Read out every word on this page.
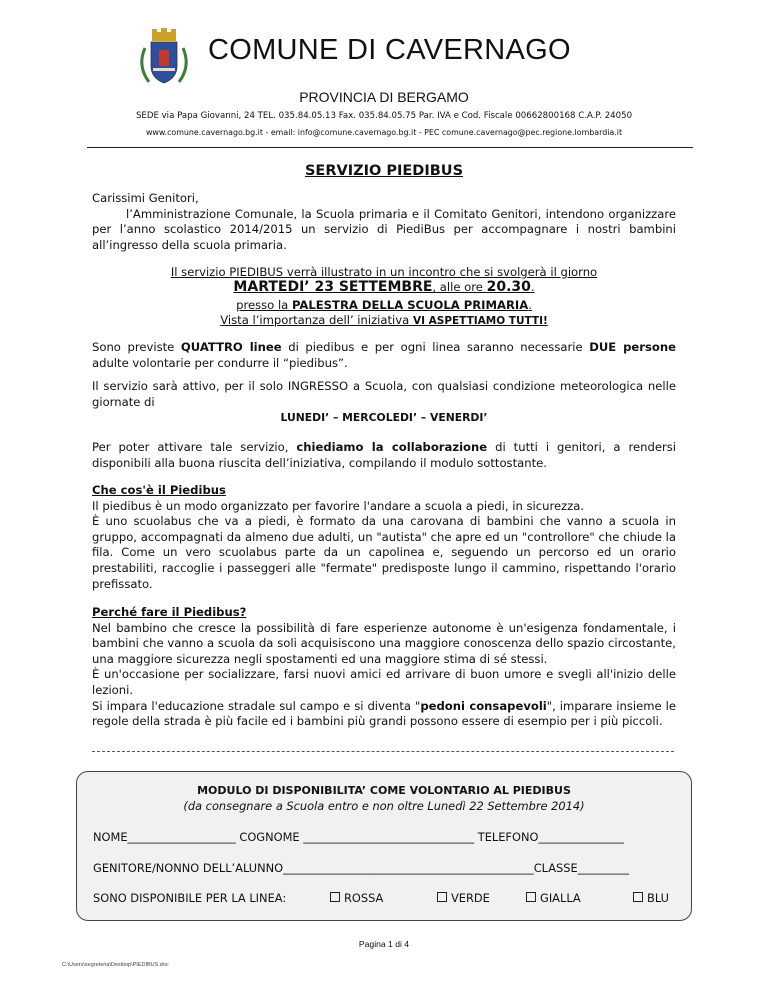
COMUNE DI CAVERNAGO
PROVINCIA DI BERGAMO
SEDE via Papa Giovanni, 24 TEL. 035.84.05.13 Fax. 035.84.05.75 Par. IVA e Cod. Fiscale 00662800168 C.A.P. 24050
www.comune.cavernago.bg.it - email: info@comune.cavernago.bg.it - PEC comune.cavernago@pec.regione.lombardia.it
SERVIZIO PIEDIBUS

Carissimi Genitori,

l’Amministrazione Comunale, la Scuola primaria e il Comitato Genitori, intendono organizzare per l’anno scolastico 2014/2015 un servizio di PiediBus per accompagnare i nostri bambini all’ingresso della scuola primaria.

Il servizio PIEDIBUS verrà illustrato in un incontro che si svolgerà il giorno
MARTEDI’ 23 SETTEMBRE, alle ore 20.30.
presso la PALESTRA DELLA SCUOLA PRIMARIA.
Vista l’importanza dell’ iniziativa VI ASPETTIAMO TUTTI!

Sono previste QUATTRO linee di piedibus e per ogni linea saranno necessarie DUE persone adulte volontarie per condurre il “piedibus”.

Il servizio sarà attivo, per il solo INGRESSO a Scuola, con qualsiasi condizione meteorologica nelle giornate di

LUNEDI’ – MERCOLEDI’ – VENERDI’

Per poter attivare tale servizio, chiediamo la collaborazione di tutti i genitori, a rendersi disponibili alla buona riuscita dell’iniziativa, compilando il modulo sottostante.

Che cos'è il Piedibus

Il piedibus è un modo organizzato per favorire l'andare a scuola a piedi, in sicurezza.

È uno scuolabus che va a piedi, è formato da una carovana di bambini che vanno a scuola in gruppo, accompagnati da almeno due adulti, un "autista" che apre ed un "controllore" che chiude la fila. Come un vero scuolabus parte da un capolinea e, seguendo un percorso ed un orario prestabiliti, raccoglie i passeggeri alle "fermate" predisposte lungo il cammino, rispettando l'orario prefissato.

Perché fare il Piedibus?

Nel bambino che cresce la possibilità di fare esperienze autonome è un'esigenza fondamentale, i bambini che vanno a scuola da soli acquisiscono una maggiore conoscenza dello spazio circostante, una maggiore sicurezza negli spostamenti ed una maggiore stima di sé stessi.

È un'occasione per socializzare, farsi nuovi amici ed arrivare di buon umore e svegli all'inizio delle lezioni.

Si impara l'educazione stradale sul campo e si diventa "pedoni consapevoli", imparare insieme le regole della strada è più facile ed i bambini più grandi possono essere di esempio per i più piccoli.

MODULO DI DISPONIBILITA’ COME VOLONTARIO AL PIEDIBUS
(da consegnare a Scuola entro e non oltre Lunedì 22 Settembre 2014)
NOME___________________ COGNOME ______________________________ TELEFONO_______________
GENITORE/NONNO DELL’ALUNNO____________________________________________CLASSE_________
SONO DISPONIBILE PER LA LINEA:	ROSSA	VERDE	GIALLA	BLU
Pagina 1 di 4
C:\Users\segreteria\Desktop\PIEDIBUS.doc
